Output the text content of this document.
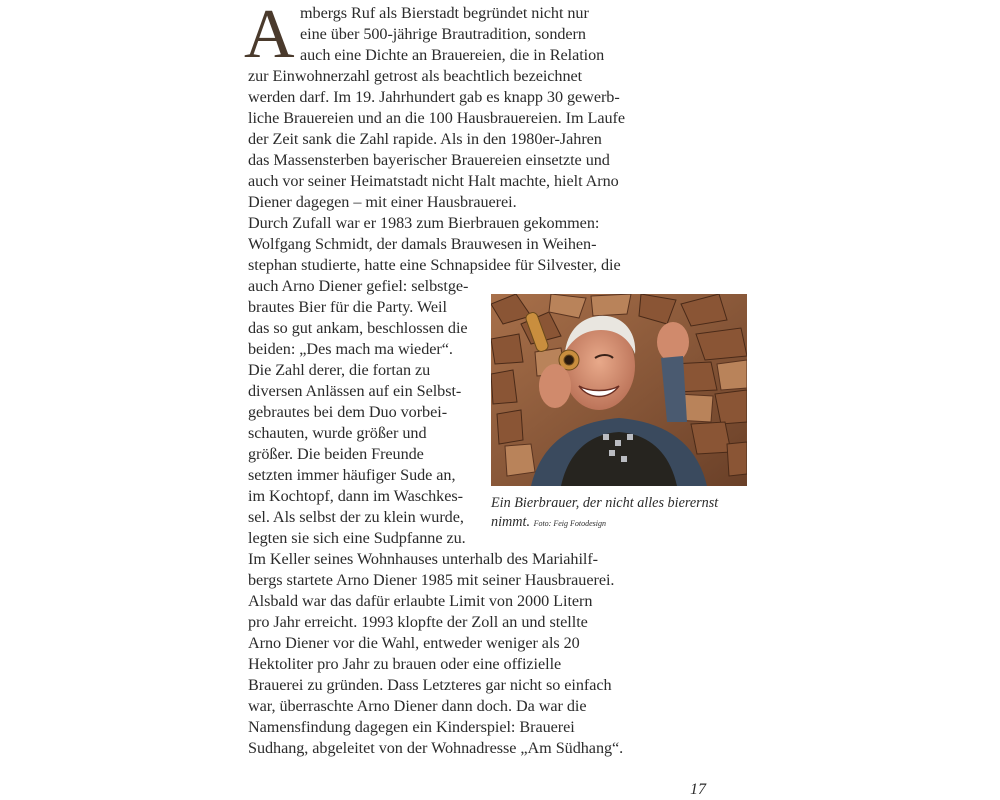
A mbergs Ruf als Bierstadt begründet nicht nur
eine über 500-jährige Brautradition, sondern
auch eine Dichte an Brauereien, die in Relation
zur Einwohnerzahl getrost als beachtlich bezeichnet
werden darf. Im 19. Jahrhundert gab es knapp 30 gewerb-
liche Brauereien und an die 100 Hausbrauereien. Im Laufe
der Zeit sank die Zahl rapide. Als in den 1980er-Jahren
das Massensterben bayerischer Brauereien einsetzte und
auch vor seiner Heimatstadt nicht Halt machte, hielt Arno
Diener dagegen – mit einer Hausbrauerei.
Durch Zufall war er 1983 zum Bierbrauen gekommen:
Wolfgang Schmidt, der damals Brauwesen in Weihen-
stephan studierte, hatte eine Schnapsidee für Silvester, die
auch Arno Diener gefiel: selbstge-
brautes Bier für die Party. Weil
das so gut ankam, beschlossen die
beiden: „Des mach ma wieder“.
Die Zahl derer, die fortan zu
diversen Anlässen auf ein Selbst-
gebrautes bei dem Duo vorbei-
schauten, wurde größer und
größer. Die beiden Freunde
setzten immer häufiger Sude an,
im Kochtopf, dann im Waschkes-
sel. Als selbst der zu klein wurde,
legten sie sich eine Sudpfanne zu.
Im Keller seines Wohnhauses unterhalb des Mariahilf-
bergs startete Arno Diener 1985 mit seiner Hausbrauerei.
Alsbald war das dafür erlaubte Limit von 2000 Litern
pro Jahr erreicht. 1993 klopfte der Zoll an und stellte
Arno Diener vor die Wahl, entweder weniger als 20
Hektoliter pro Jahr zu brauen oder eine offizielle
Brauerei zu gründen. Dass Letzteres gar nicht so einfach
war, überraschte Arno Diener dann doch. Da war die
Namensfindung dagegen ein Kinderspiel: Brauerei
Sudhang, abgeleitet von der Wohnadresse „Am Südhang“.
Ein Bierbrauer, der nicht alles bierernst
nimmt. Foto: Feig Fotodesign
17
